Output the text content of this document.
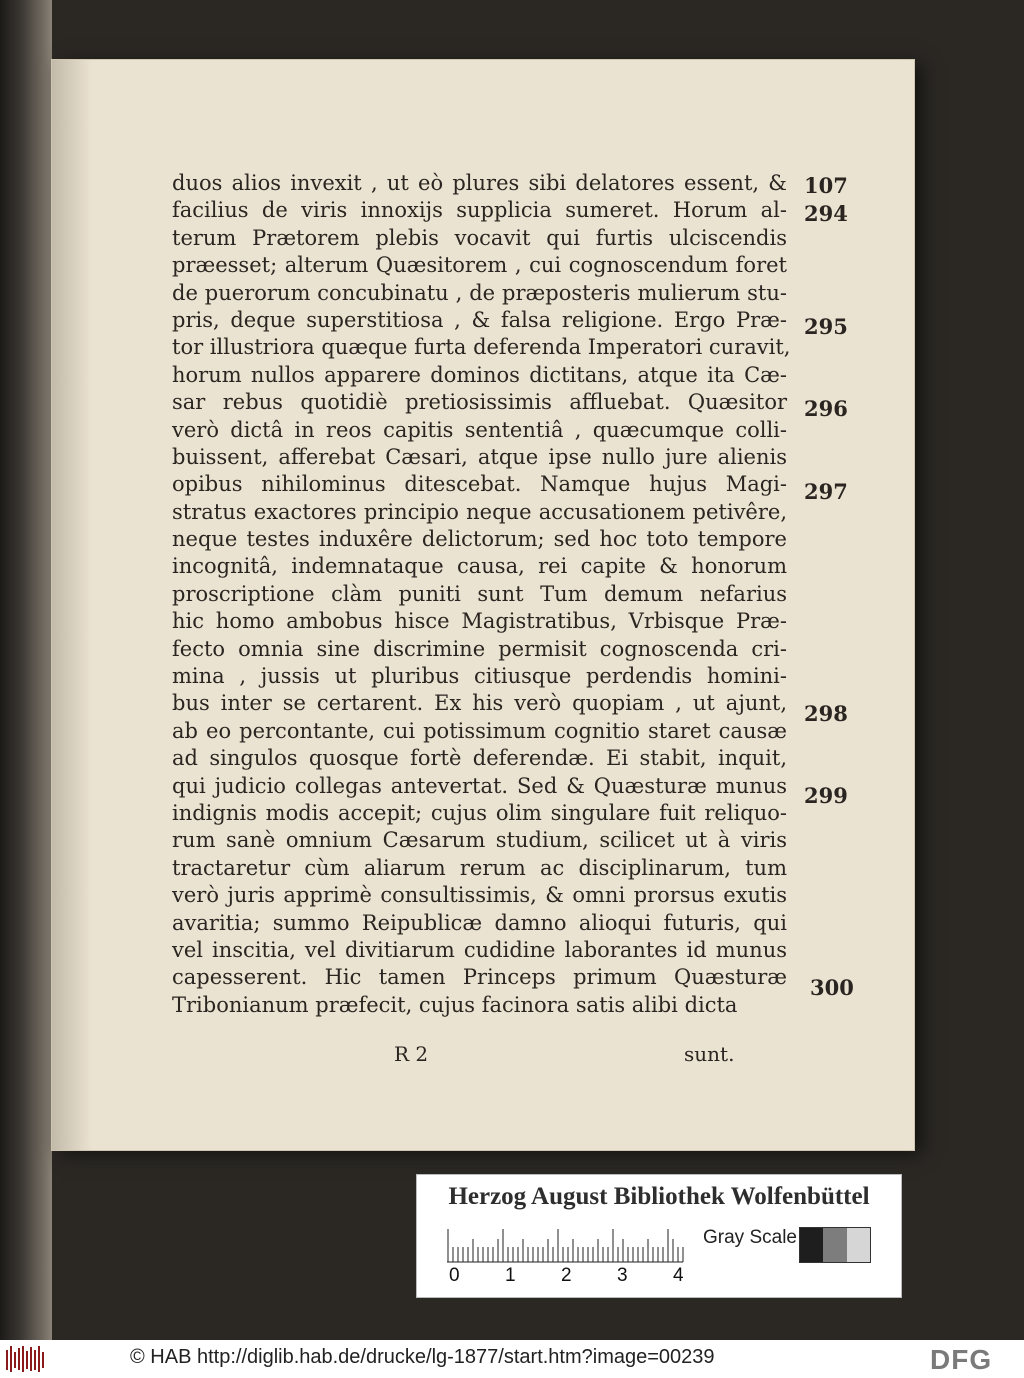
duos alios invexit , ut eò plures sibi delatores essent, &
facilius de viris innoxijs supplicia sumeret. Horum al-
terum Prætorem plebis vocavit qui furtis ulciscendis
præesset; alterum Quæsitorem , cui cognoscendum foret
de puerorum concubinatu , de præposteris mulierum stu-
pris, deque superstitiosa , & falsa religione. Ergo Præ-
tor illustriora quæque furta deferenda Imperatori curavit,
horum nullos apparere dominos dictitans, atque ita Cæ-
sar rebus quotidiè pretiosissimis affluebat. Quæsitor
verò dictâ in reos capitis sententiâ , quæcumque colli-
buissent, afferebat Cæsari, atque ipse nullo jure alienis
opibus nihilominus ditescebat. Namque hujus Magi-
stratus exactores principio neque accusationem petivêre,
neque testes induxêre delictorum; sed hoc toto tempore
incognitâ, indemnataque causa, rei capite & honorum
proscriptione clàm puniti sunt Tum demum nefarius
hic homo ambobus hisce Magistratibus, Vrbisque Præ-
fecto omnia sine discrimine permisit cognoscenda cri-
mina , jussis ut pluribus citiusque perdendis homini-
bus inter se certarent. Ex his verò quopiam , ut ajunt,
ab eo percontante, cui potissimum cognitio staret causæ
ad singulos quosque fortè deferendæ. Ei stabit, inquit,
qui judicio collegas antevertat. Sed & Quæsturæ munus
indignis modis accepit; cujus olim singulare fuit reliquo-
rum sanè omnium Cæsarum studium, scilicet ut à viris
tractaretur cùm aliarum rerum ac disciplinarum, tum
verò juris apprimè consultissimis, & omni prorsus exutis
avaritia; summo Reipublicæ damno alioqui futuris, qui
vel inscitia, vel divitiarum cudidine laborantes id munus
capesserent. Hic tamen Princeps primum Quæsturæ
Tribonianum præfecit, cujus facinora satis alibi dicta
107
294
295
296
297
298
299
300
R 2	sunt.
Herzog August Bibliothek Wolfenbüttel
0 1 2 3 4
Gray Scale
© HAB http://diglib.hab.de/drucke/lg-1877/start.htm?image=00239	DFG
